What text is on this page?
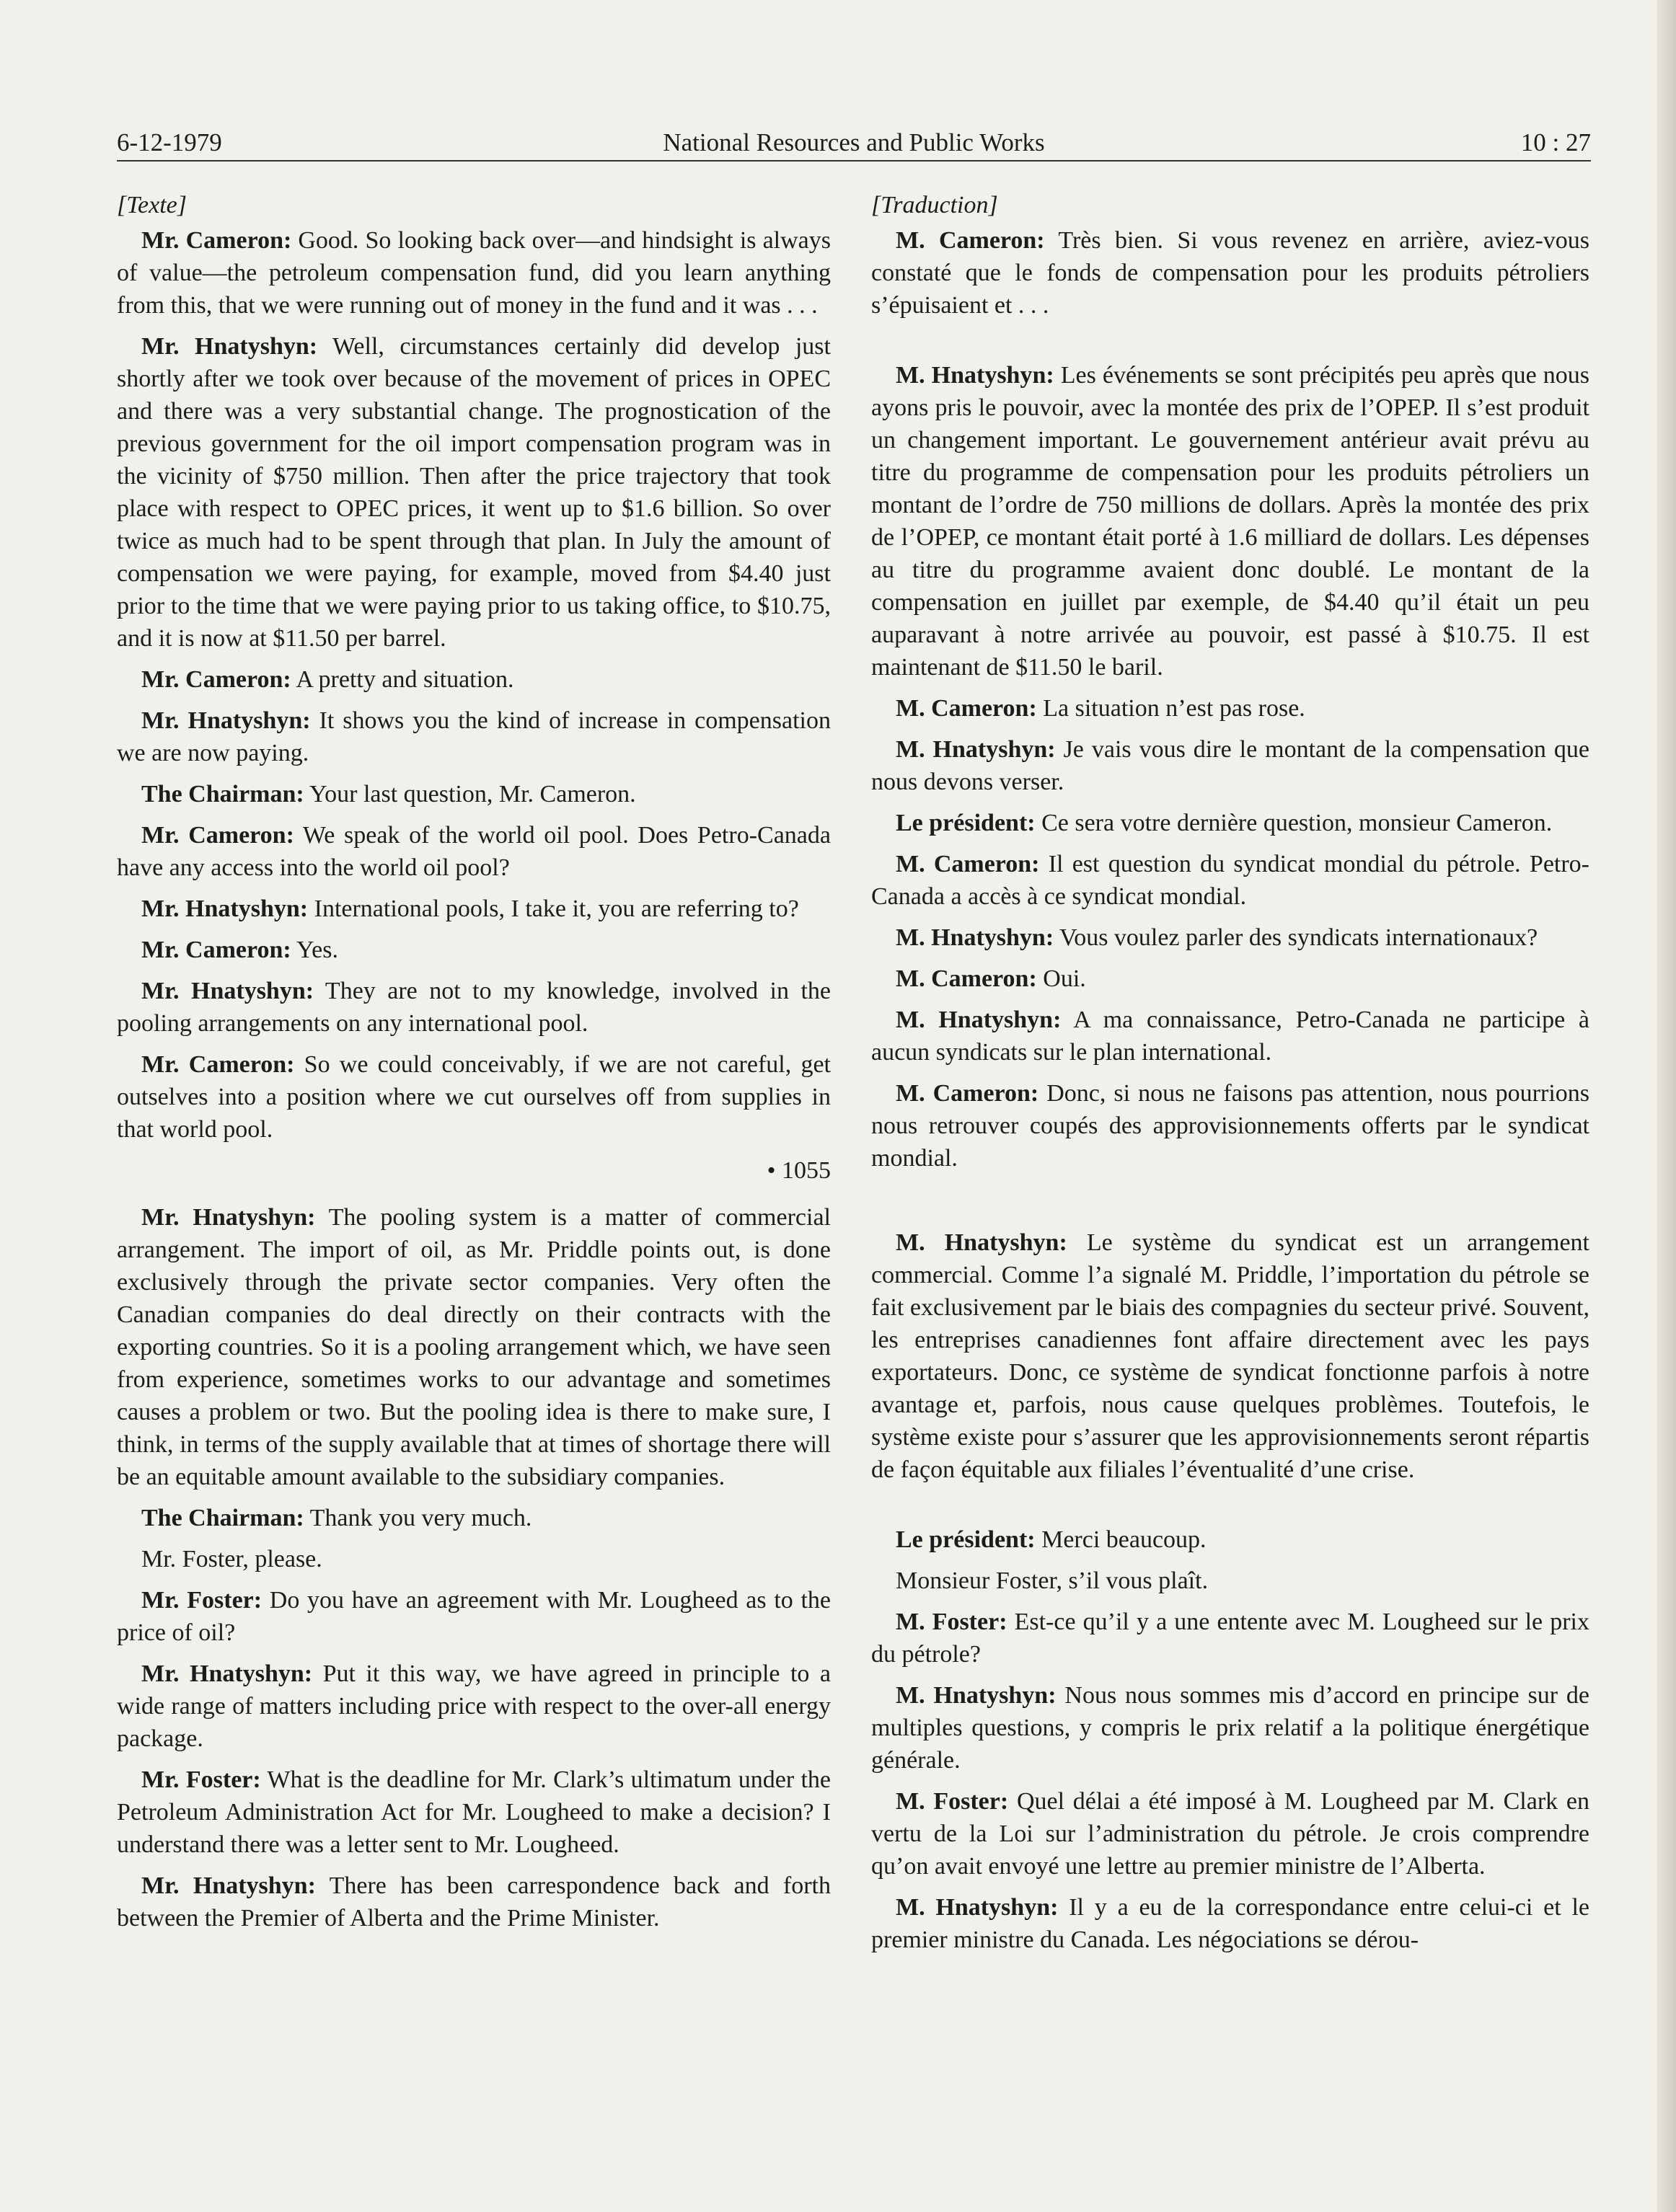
6-12-1979	National Resources and Public Works	10 : 27
[Texte]

Mr. Cameron: Good. So looking back over—and hindsight is always of value—the petroleum compensation fund, did you learn anything from this, that we were running out of money in the fund and it was . . .

Mr. Hnatyshyn: Well, circumstances certainly did develop just shortly after we took over because of the movement of prices in OPEC and there was a very substantial change. The prognostication of the previous government for the oil import compensation program was in the vicinity of $750 million. Then after the price trajectory that took place with respect to OPEC prices, it went up to $1.6 billion. So over twice as much had to be spent through that plan. In July the amount of compensation we were paying, for example, moved from $4.40 just prior to the time that we were paying prior to us taking office, to $10.75, and it is now at $11.50 per barrel.

Mr. Cameron: A pretty and situation.

Mr. Hnatyshyn: It shows you the kind of increase in compensation we are now paying.

The Chairman: Your last question, Mr. Cameron.

Mr. Cameron: We speak of the world oil pool. Does Petro-Canada have any access into the world oil pool?

Mr. Hnatyshyn: International pools, I take it, you are referring to?

Mr. Cameron: Yes.

Mr. Hnatyshyn: They are not to my knowledge, involved in the pooling arrangements on any international pool.

Mr. Cameron: So we could conceivably, if we are not careful, get outselves into a position where we cut ourselves off from supplies in that world pool.

• 1055

Mr. Hnatyshyn: The pooling system is a matter of commercial arrangement. The import of oil, as Mr. Priddle points out, is done exclusively through the private sector companies. Very often the Canadian companies do deal directly on their contracts with the exporting countries. So it is a pooling arrangement which, we have seen from experience, sometimes works to our advantage and sometimes causes a problem or two. But the pooling idea is there to make sure, I think, in terms of the supply available that at times of shortage there will be an equitable amount available to the subsidiary companies.

The Chairman: Thank you very much.

Mr. Foster, please.

Mr. Foster: Do you have an agreement with Mr. Lougheed as to the price of oil?

Mr. Hnatyshyn: Put it this way, we have agreed in principle to a wide range of matters including price with respect to the over-all energy package.

Mr. Foster: What is the deadline for Mr. Clark’s ultimatum under the Petroleum Administration Act for Mr. Lougheed to make a decision? I understand there was a letter sent to Mr. Lougheed.

Mr. Hnatyshyn: There has been carrespondence back and forth between the Premier of Alberta and the Prime Minister.

[Traduction]

M. Cameron: Très bien. Si vous revenez en arrière, aviez-vous constaté que le fonds de compensation pour les produits pétroliers s’épuisaient et . . .

M. Hnatyshyn: Les événements se sont précipités peu après que nous ayons pris le pouvoir, avec la montée des prix de l’OPEP. Il s’est produit un changement important. Le gouvernement antérieur avait prévu au titre du programme de compensation pour les produits pétroliers un montant de l’ordre de 750 millions de dollars. Après la montée des prix de l’OPEP, ce montant était porté à 1.6 milliard de dollars. Les dépenses au titre du programme avaient donc doublé. Le montant de la compensation en juillet par exemple, de $4.40 qu’il était un peu auparavant à notre arrivée au pouvoir, est passé à $10.75. Il est maintenant de $11.50 le baril.

M. Cameron: La situation n’est pas rose.

M. Hnatyshyn: Je vais vous dire le montant de la compensation que nous devons verser.

Le président: Ce sera votre dernière question, monsieur Cameron.

M. Cameron: Il est question du syndicat mondial du pétrole. Petro-Canada a accès à ce syndicat mondial.

M. Hnatyshyn: Vous voulez parler des syndicats internationaux?

M. Cameron: Oui.

M. Hnatyshyn: A ma connaissance, Petro-Canada ne participe à aucun syndicats sur le plan international.

M. Cameron: Donc, si nous ne faisons pas attention, nous pourrions nous retrouver coupés des approvisionnements offerts par le syndicat mondial.

M. Hnatyshyn: Le système du syndicat est un arrangement commercial. Comme l’a signalé M. Priddle, l’importation du pétrole se fait exclusivement par le biais des compagnies du secteur privé. Souvent, les entreprises canadiennes font affaire directement avec les pays exportateurs. Donc, ce système de syndicat fonctionne parfois à notre avantage et, parfois, nous cause quelques problèmes. Toutefois, le système existe pour s’assurer que les approvisionnements seront répartis de façon équitable aux filiales l’éventualité d’une crise.

Le président: Merci beaucoup.

Monsieur Foster, s’il vous plaît.

M. Foster: Est-ce qu’il y a une entente avec M. Lougheed sur le prix du pétrole?

M. Hnatyshyn: Nous nous sommes mis d’accord en principe sur de multiples questions, y compris le prix relatif a la politique énergétique générale.

M. Foster: Quel délai a été imposé à M. Lougheed par M. Clark en vertu de la Loi sur l’administration du pétrole. Je crois comprendre qu’on avait envoyé une lettre au premier ministre de l’Alberta.

M. Hnatyshyn: Il y a eu de la correspondance entre celui-ci et le premier ministre du Canada. Les négociations se dérou-
